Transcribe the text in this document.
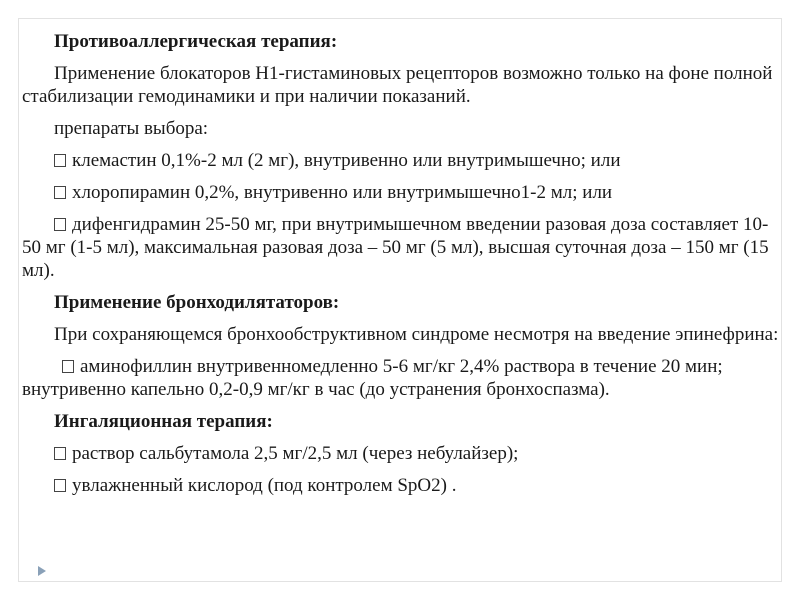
Противоаллергическая терапия:

Применение блокаторов Н1-гистаминовых рецепторов возможно только на фоне полной стабилизации гемодинамики и при наличии показаний.

препараты выбора:

клемастин 0,1%-2 мл (2 мг), внутривенно или внутримышечно; или

хлоропирамин 0,2%, внутривенно или внутримышечно1-2 мл; или

дифенгидрамин 25-50 мг, при внутримышечном введении разовая доза составляет 10-50 мг (1-5 мл), максимальная разовая доза – 50 мг (5 мл), высшая суточная доза – 150 мг (15 мл).

Применение бронходилятаторов:

При сохраняющемся бронхообструктивном синдроме несмотря на введение эпинефрина:

аминофиллин внутривенномедленно 5-6 мг/кг 2,4% раствора в течение 20 мин; внутривенно капельно 0,2-0,9 мг/кг в час (до устранения бронхоспазма).

Ингаляционная терапия:

раствор сальбутамола 2,5 мг/2,5 мл (через небулайзер);

увлажненный кислород (под контролем SpO2) .
